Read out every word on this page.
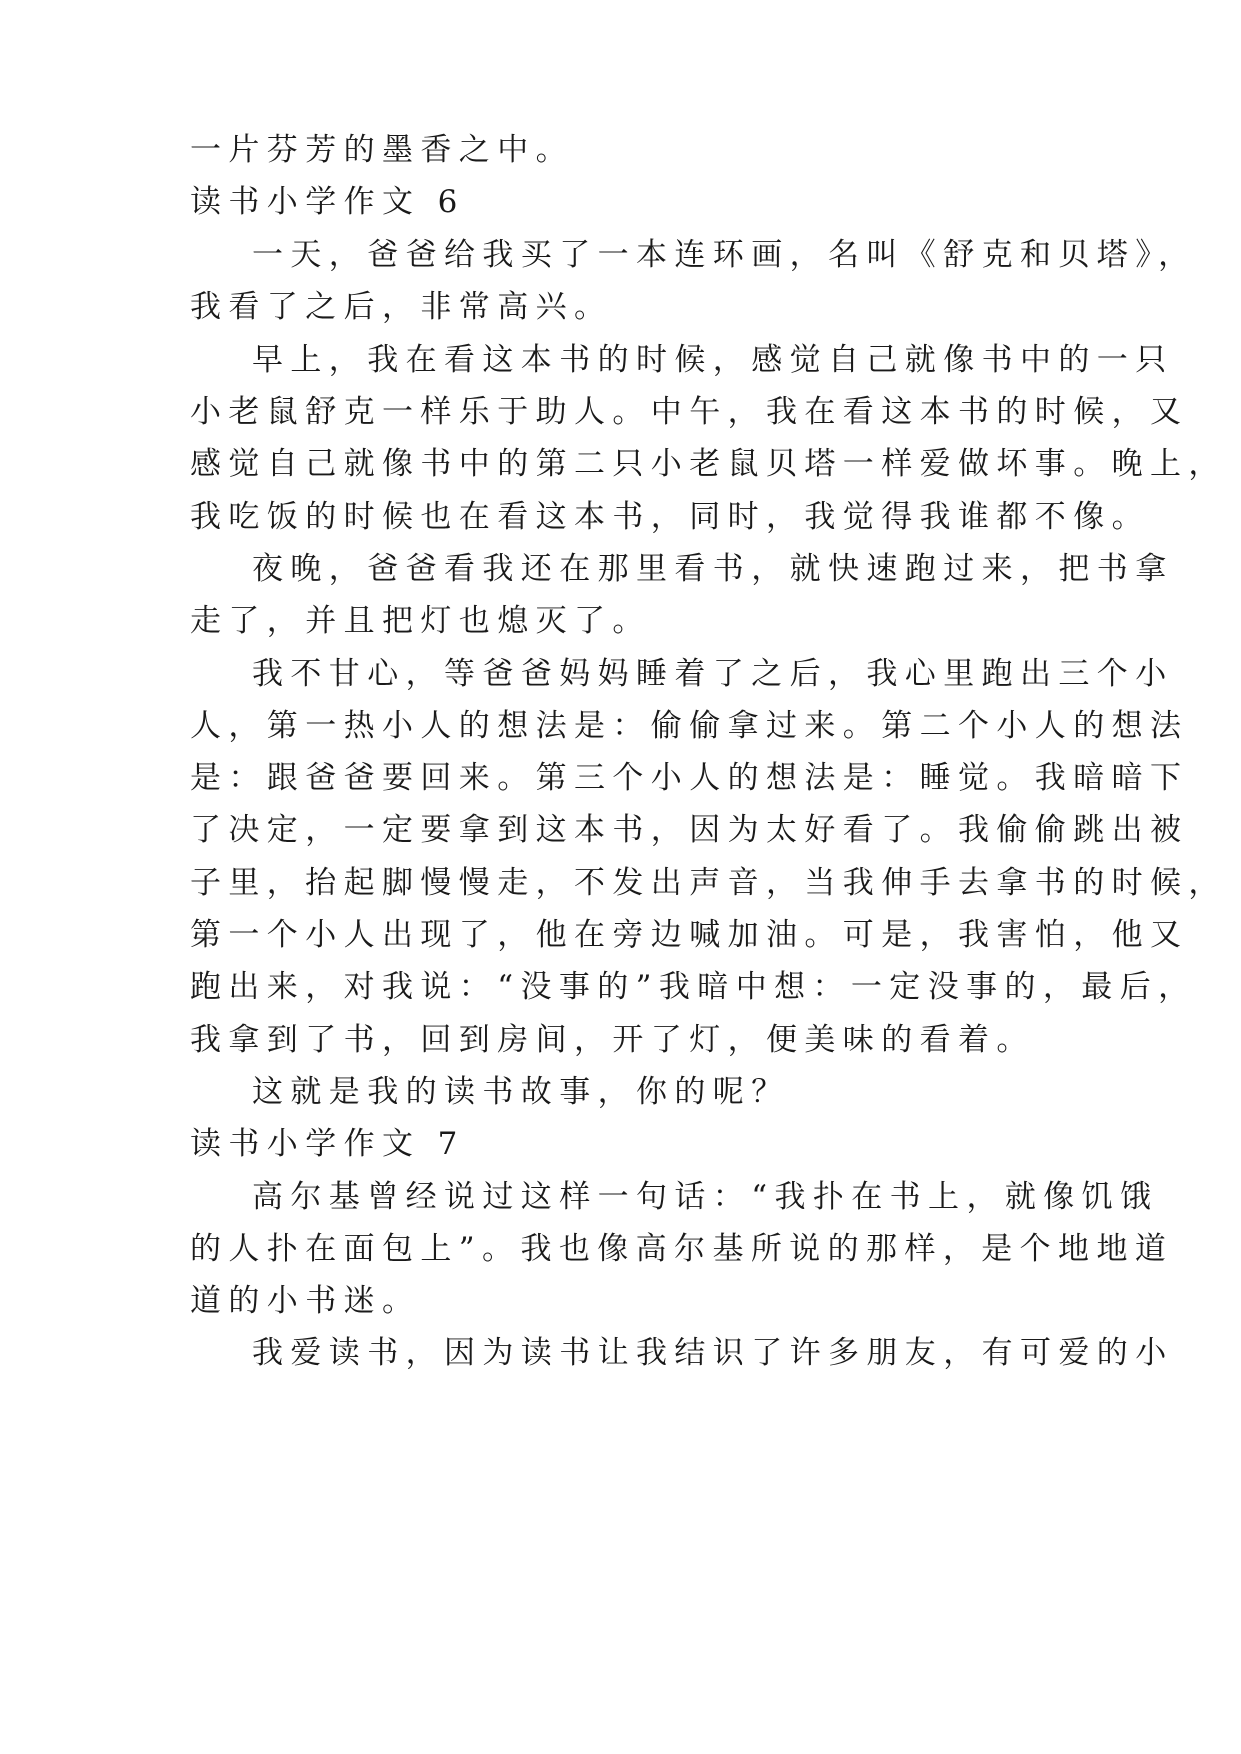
一片芬芳的墨香之中。
读书小学作文 6
一天，爸爸给我买了一本连环画，名叫《舒克和贝塔》，
我看了之后，非常高兴。
早上，我在看这本书的时候，感觉自己就像书中的一只
小老鼠舒克一样乐于助人。中午，我在看这本书的时候，又
感觉自己就像书中的第二只小老鼠贝塔一样爱做坏事。晚上，
我吃饭的时候也在看这本书，同时，我觉得我谁都不像。
夜晚，爸爸看我还在那里看书，就快速跑过来，把书拿
走了，并且把灯也熄灭了。
我不甘心，等爸爸妈妈睡着了之后，我心里跑出三个小
人，第一热小人的想法是：偷偷拿过来。第二个小人的想法
是：跟爸爸要回来。第三个小人的想法是：睡觉。我暗暗下
了决定，一定要拿到这本书，因为太好看了。我偷偷跳出被
子里，抬起脚慢慢走，不发出声音，当我伸手去拿书的时候，
第一个小人出现了，他在旁边喊加油。可是，我害怕，他又
跑出来，对我说：“没事的”我暗中想：一定没事的，最后，
我拿到了书，回到房间，开了灯，便美味的看着。
这就是我的读书故事，你的呢？
读书小学作文 7
高尔基曾经说过这样一句话：“我扑在书上，就像饥饿
的人扑在面包上”。我也像高尔基所说的那样，是个地地道
道的小书迷。
我爱读书，因为读书让我结识了许多朋友，有可爱的小
